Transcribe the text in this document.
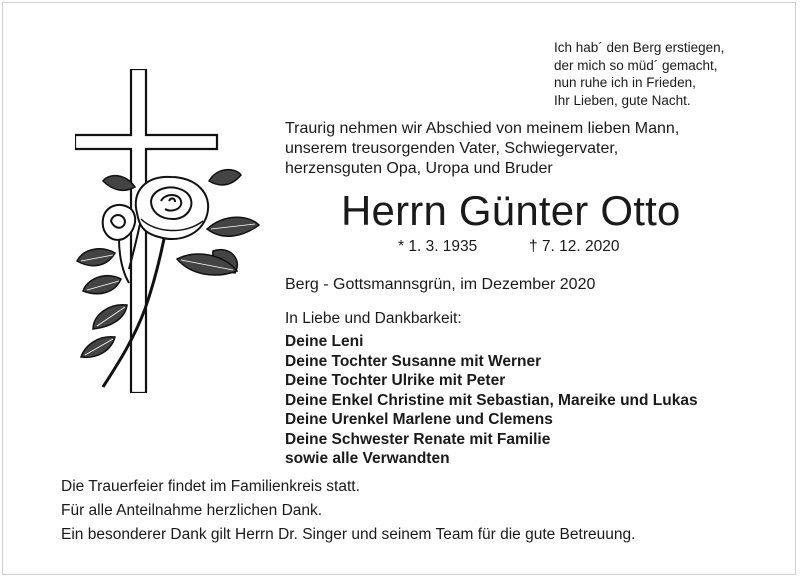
Ich hab´ den Berg erstiegen,
der mich so müd´ gemacht,
nun ruhe ich in Frieden,
Ihr Lieben, gute Nacht.
Traurig nehmen wir Abschied von meinem lieben Mann,
unserem treusorgenden Vater, Schwiegervater,
herzensguten Opa, Uropa und Bruder
Herrn Günter Otto
* 1. 3. 1935	† 7. 12. 2020
Berg - Gottsmannsgrün, im Dezember 2020
In Liebe und Dankbarkeit:
Deine Leni
Deine Tochter Susanne mit Werner
Deine Tochter Ulrike mit Peter
Deine Enkel Christine mit Sebastian, Mareike und Lukas
Deine Urenkel Marlene und Clemens
Deine Schwester Renate mit Familie
sowie alle Verwandten
Die Trauerfeier findet im Familienkreis statt.
Für alle Anteilnahme herzlichen Dank.
Ein besonderer Dank gilt Herrn Dr. Singer und seinem Team für die gute Betreuung.
